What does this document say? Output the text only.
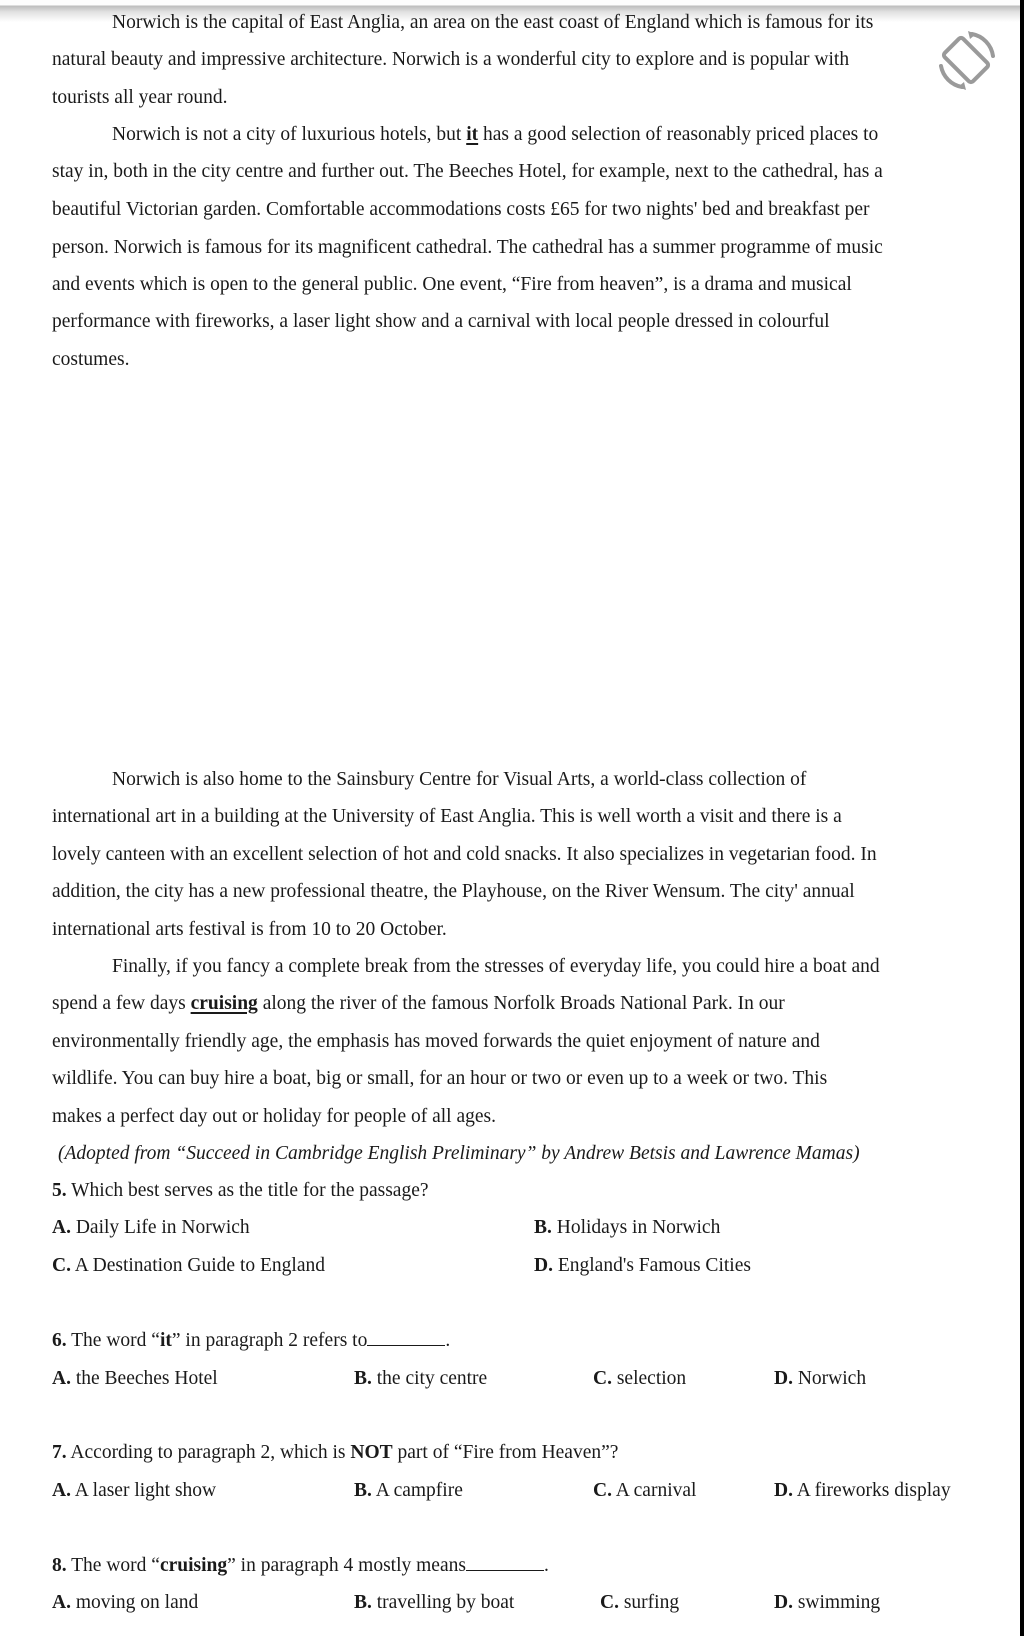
Norwich is the capital of East Anglia, an area on the east coast of England which is famous for its
natural beauty and impressive architecture. Norwich is a wonderful city to explore and is popular with
tourists all year round.
Norwich is not a city of luxurious hotels, but it has a good selection of reasonably priced places to
stay in, both in the city centre and further out. The Beeches Hotel, for example, next to the cathedral, has a
beautiful Victorian garden. Comfortable accommodations costs £65 for two nights' bed and breakfast per
person. Norwich is famous for its magnificent cathedral. The cathedral has a summer programme of music
and events which is open to the general public. One event, “Fire from heaven”, is a drama and musical
performance with fireworks, a laser light show and a carnival with local people dressed in colourful
costumes.
Norwich is also home to the Sainsbury Centre for Visual Arts, a world-class collection of
international art in a building at the University of East Anglia. This is well worth a visit and there is a
lovely canteen with an excellent selection of hot and cold snacks. It also specializes in vegetarian food. In
addition, the city has a new professional theatre, the Playhouse, on the River Wensum. The city' annual
international arts festival is from 10 to 20 October.
Finally, if you fancy a complete break from the stresses of everyday life, you could hire a boat and
spend a few days cruising along the river of the famous Norfolk Broads National Park. In our
environmentally friendly age, the emphasis has moved forwards the quiet enjoyment of nature and
wildlife. You can buy hire a boat, big or small, for an hour or two or even up to a week or two. This
makes a perfect day out or holiday for people of all ages.
(Adopted from “Succeed in Cambridge English Preliminary” by Andrew Betsis and Lawrence Mamas)
5. Which best serves as the title for the passage?
A. Daily Life in Norwich	B. Holidays in Norwich
C. A Destination Guide to England	D. England's Famous Cities
6. The word “it” in paragraph 2 refers to	.
A. the Beeches Hotel	B. the city centre	C. selection	D. Norwich
7. According to paragraph 2, which is NOT part of “Fire from Heaven”?
A. A laser light show	B. A campfire	C. A carnival	D. A fireworks display
8. The word “cruising” in paragraph 4 mostly means	.
A. moving on land	B. travelling by boat	C. surfing	D. swimming
